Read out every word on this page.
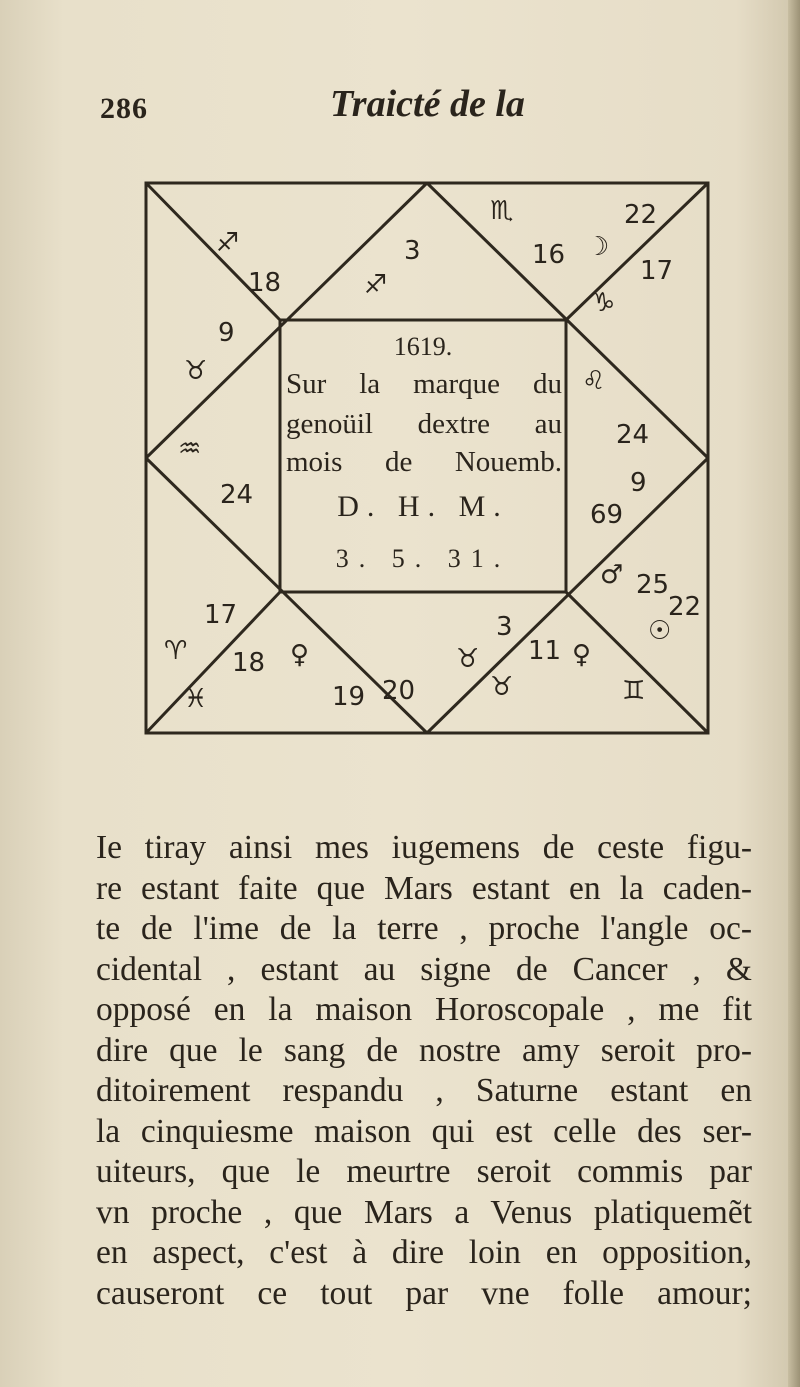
286	Traicté de la
♐
18
9
♉
3
♐
♏
16 ☽
22
17
♑
♒
24
17
♈
♌
24
9
69
♂ 25
22
♓
18 ♀
19 20
3
♉ 11 ♀
♉
☉
♊
1619.
Sur la marque du
genoüil dextre au
mois de Nouemb.
D. H. M.
3. 5. 31.
Ie tiray ainsi mes iugemens de ceste figu-
re estant faite que Mars estant en la caden-
te de l'ime de la terre , proche l'angle oc-
cidental , estant au signe de Cancer , &
opposé en la maison Horoscopale , me fit
dire que le sang de nostre amy seroit pro-
ditoirement respandu , Saturne estant en
la cinquiesme maison qui est celle des ser-
uiteurs, que le meurtre seroit commis par
vn proche , que Mars a Venus platiquemẽt
en aspect, c'est à dire loin en opposition,
causeront ce tout par vne folle amour;
